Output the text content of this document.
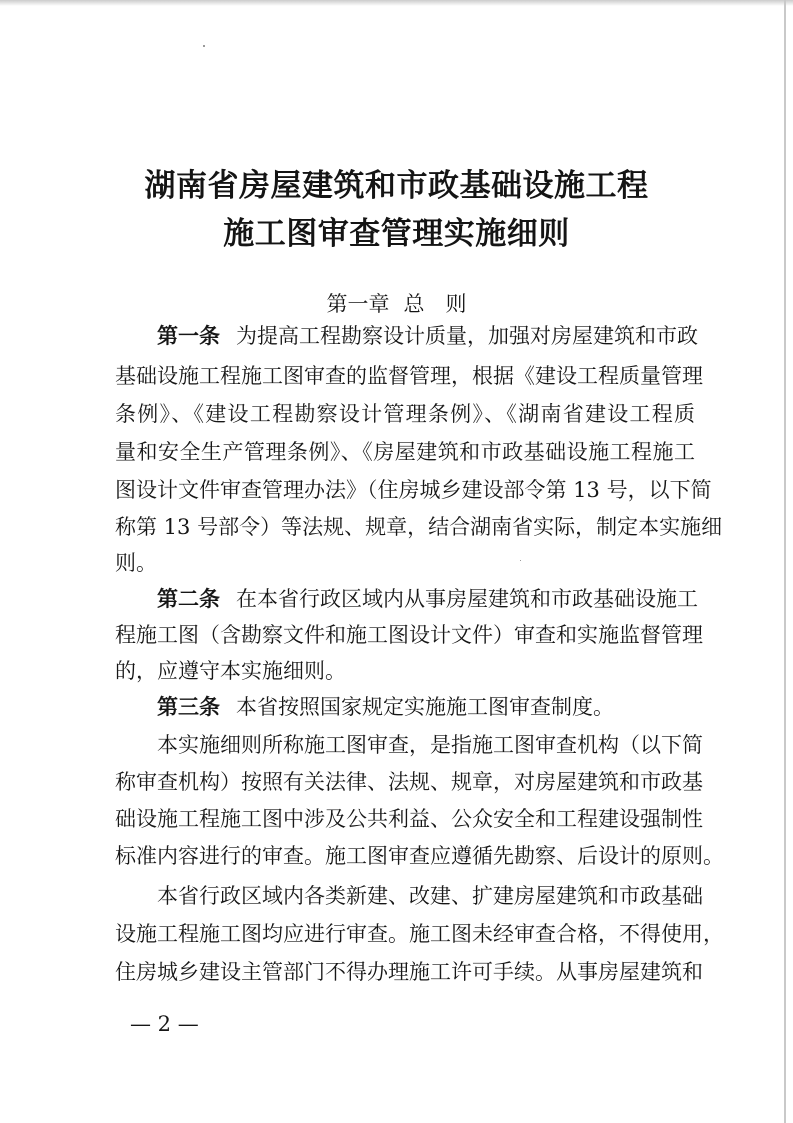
湖南省房屋建筑和市政基础设施工程
施工图审查管理实施细则
第一章 总　则
第一条 为提高工程勘察设计质量，加强对房屋建筑和市政
基础设施工程施工图审查的监督管理，根据《建设工程质量管理
条例》、《建设工程勘察设计管理条例》、《湖南省建设工程质
量和安全生产管理条例》、《房屋建筑和市政基础设施工程施工
图设计文件审查管理办法》（住房城乡建设部令第 13 号，以下简
称第 13 号部令）等法规、规章，结合湖南省实际，制定本实施细
则。
第二条 在本省行政区域内从事房屋建筑和市政基础设施工
程施工图（含勘察文件和施工图设计文件）审查和实施监督管理
的，应遵守本实施细则。
第三条 本省按照国家规定实施施工图审查制度。
本实施细则所称施工图审查，是指施工图审查机构（以下简
称审查机构）按照有关法律、法规、规章，对房屋建筑和市政基
础设施工程施工图中涉及公共利益、公众安全和工程建设强制性
标准内容进行的审查。施工图审查应遵循先勘察、后设计的原则。
本省行政区域内各类新建、改建、扩建房屋建筑和市政基础
设施工程施工图均应进行审查。施工图未经审查合格，不得使用，
住房城乡建设主管部门不得办理施工许可手续。从事房屋建筑和
— 2 —
